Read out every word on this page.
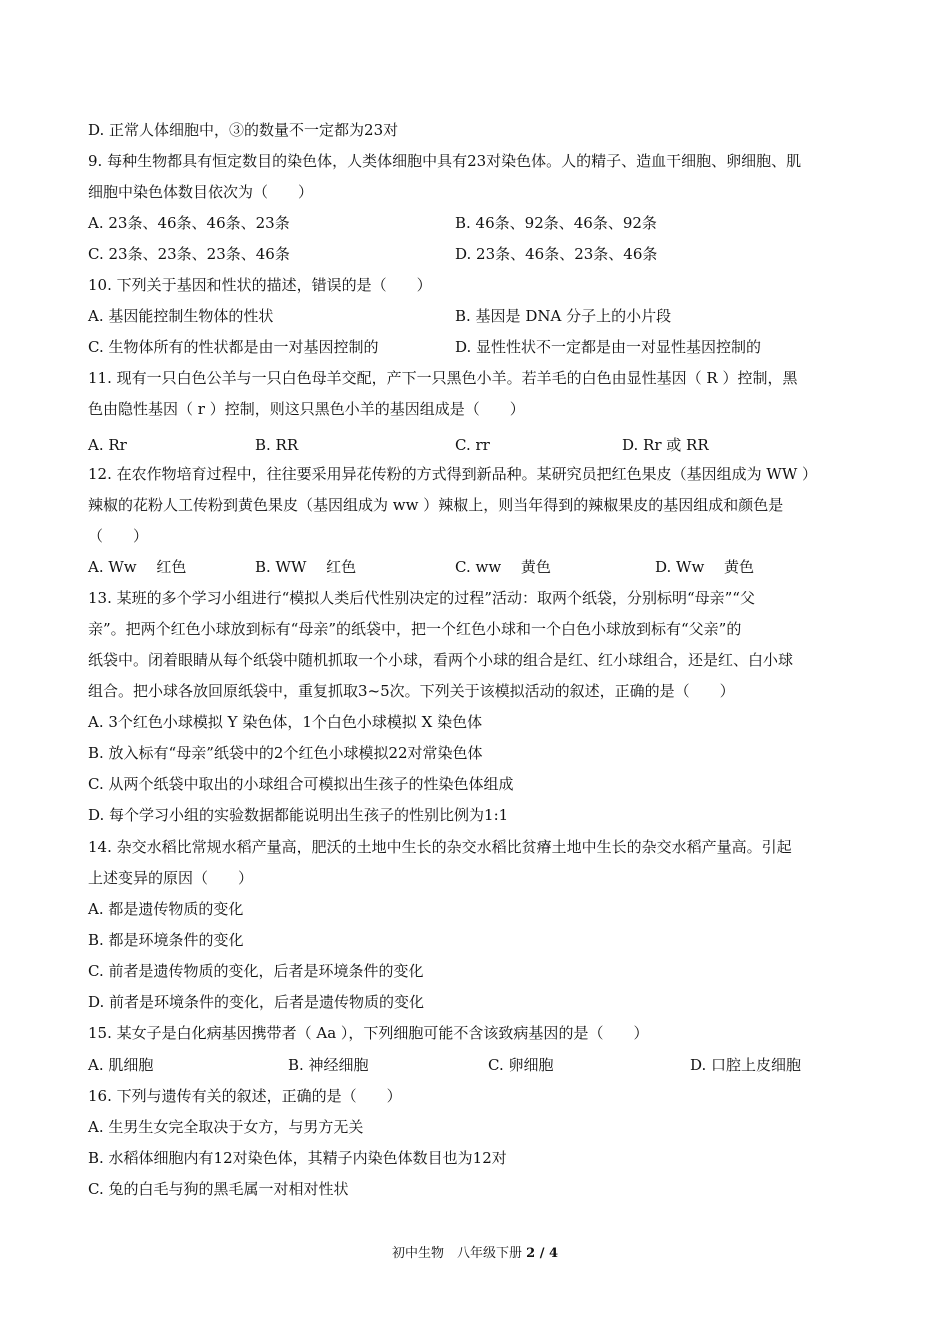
D. 正常人体细胞中，③的数量不一定都为23对
9. 每种生物都具有恒定数目的染色体，人类体细胞中具有23对染色体。人的精子、造血干细胞、卵细胞、肌
细胞中染色体数目依次为（　　）
A. 23条、46条、46条、23条	B. 46条、92条、46条、92条
C. 23条、23条、23条、46条	D. 23条、46条、23条、46条
10. 下列关于基因和性状的描述，错误的是（　　）
A. 基因能控制生物体的性状	B. 基因是 DNA 分子上的小片段
C. 生物体所有的性状都是由一对基因控制的	D. 显性性状不一定都是由一对显性基因控制的
11. 现有一只白色公羊与一只白色母羊交配，产下一只黑色小羊。若羊毛的白色由显性基因（ R ）控制，黑
色由隐性基因（ r ）控制，则这只黑色小羊的基因组成是（　　）
A. Rr	B. RR	C. rr	D. Rr 或 RR
12. 在农作物培育过程中，往往要采用异花传粉的方式得到新品种。某研究员把红色果皮（基因组成为 WW ）
辣椒的花粉人工传粉到黄色果皮（基因组成为 ww ）辣椒上，则当年得到的辣椒果皮的基因组成和颜色是
（　　）
A. Ww　 红色	B. WW　 红色	C. ww　 黄色	D. Ww　 黄色
13. 某班的多个学习小组进行“模拟人类后代性别决定的过程”活动：取两个纸袋，分别标明“母亲”“父
亲”。把两个红色小球放到标有“母亲”的纸袋中，把一个红色小球和一个白色小球放到标有“父亲”的
纸袋中。闭着眼睛从每个纸袋中随机抓取一个小球，看两个小球的组合是红、红小球组合，还是红、白小球
组合。把小球各放回原纸袋中，重复抓取3~5次。下列关于该模拟活动的叙述，正确的是（　　）
A. 3个红色小球模拟 Y 染色体，1个白色小球模拟 X 染色体
B. 放入标有“母亲”纸袋中的2个红色小球模拟22对常染色体
C. 从两个纸袋中取出的小球组合可模拟出生孩子的性染色体组成
D. 每个学习小组的实验数据都能说明出生孩子的性别比例为1:1
14. 杂交水稻比常规水稻产量高，肥沃的土地中生长的杂交水稻比贫瘠土地中生长的杂交水稻产量高。引起
上述变异的原因（　　）
A. 都是遗传物质的变化
B. 都是环境条件的变化
C. 前者是遗传物质的变化，后者是环境条件的变化
D. 前者是环境条件的变化，后者是遗传物质的变化
15. 某女子是白化病基因携带者（ Aa ），下列细胞可能不含该致病基因的是（　　）
A. 肌细胞	B. 神经细胞	C. 卵细胞	D. 口腔上皮细胞
16. 下列与遗传有关的叙述，正确的是（　　）
A. 生男生女完全取决于女方，与男方无关
B. 水稻体细胞内有12对染色体，其精子内染色体数目也为12对
C. 兔的白毛与狗的黑毛属一对相对性状
初中生物　八年级下册 2 / 4
